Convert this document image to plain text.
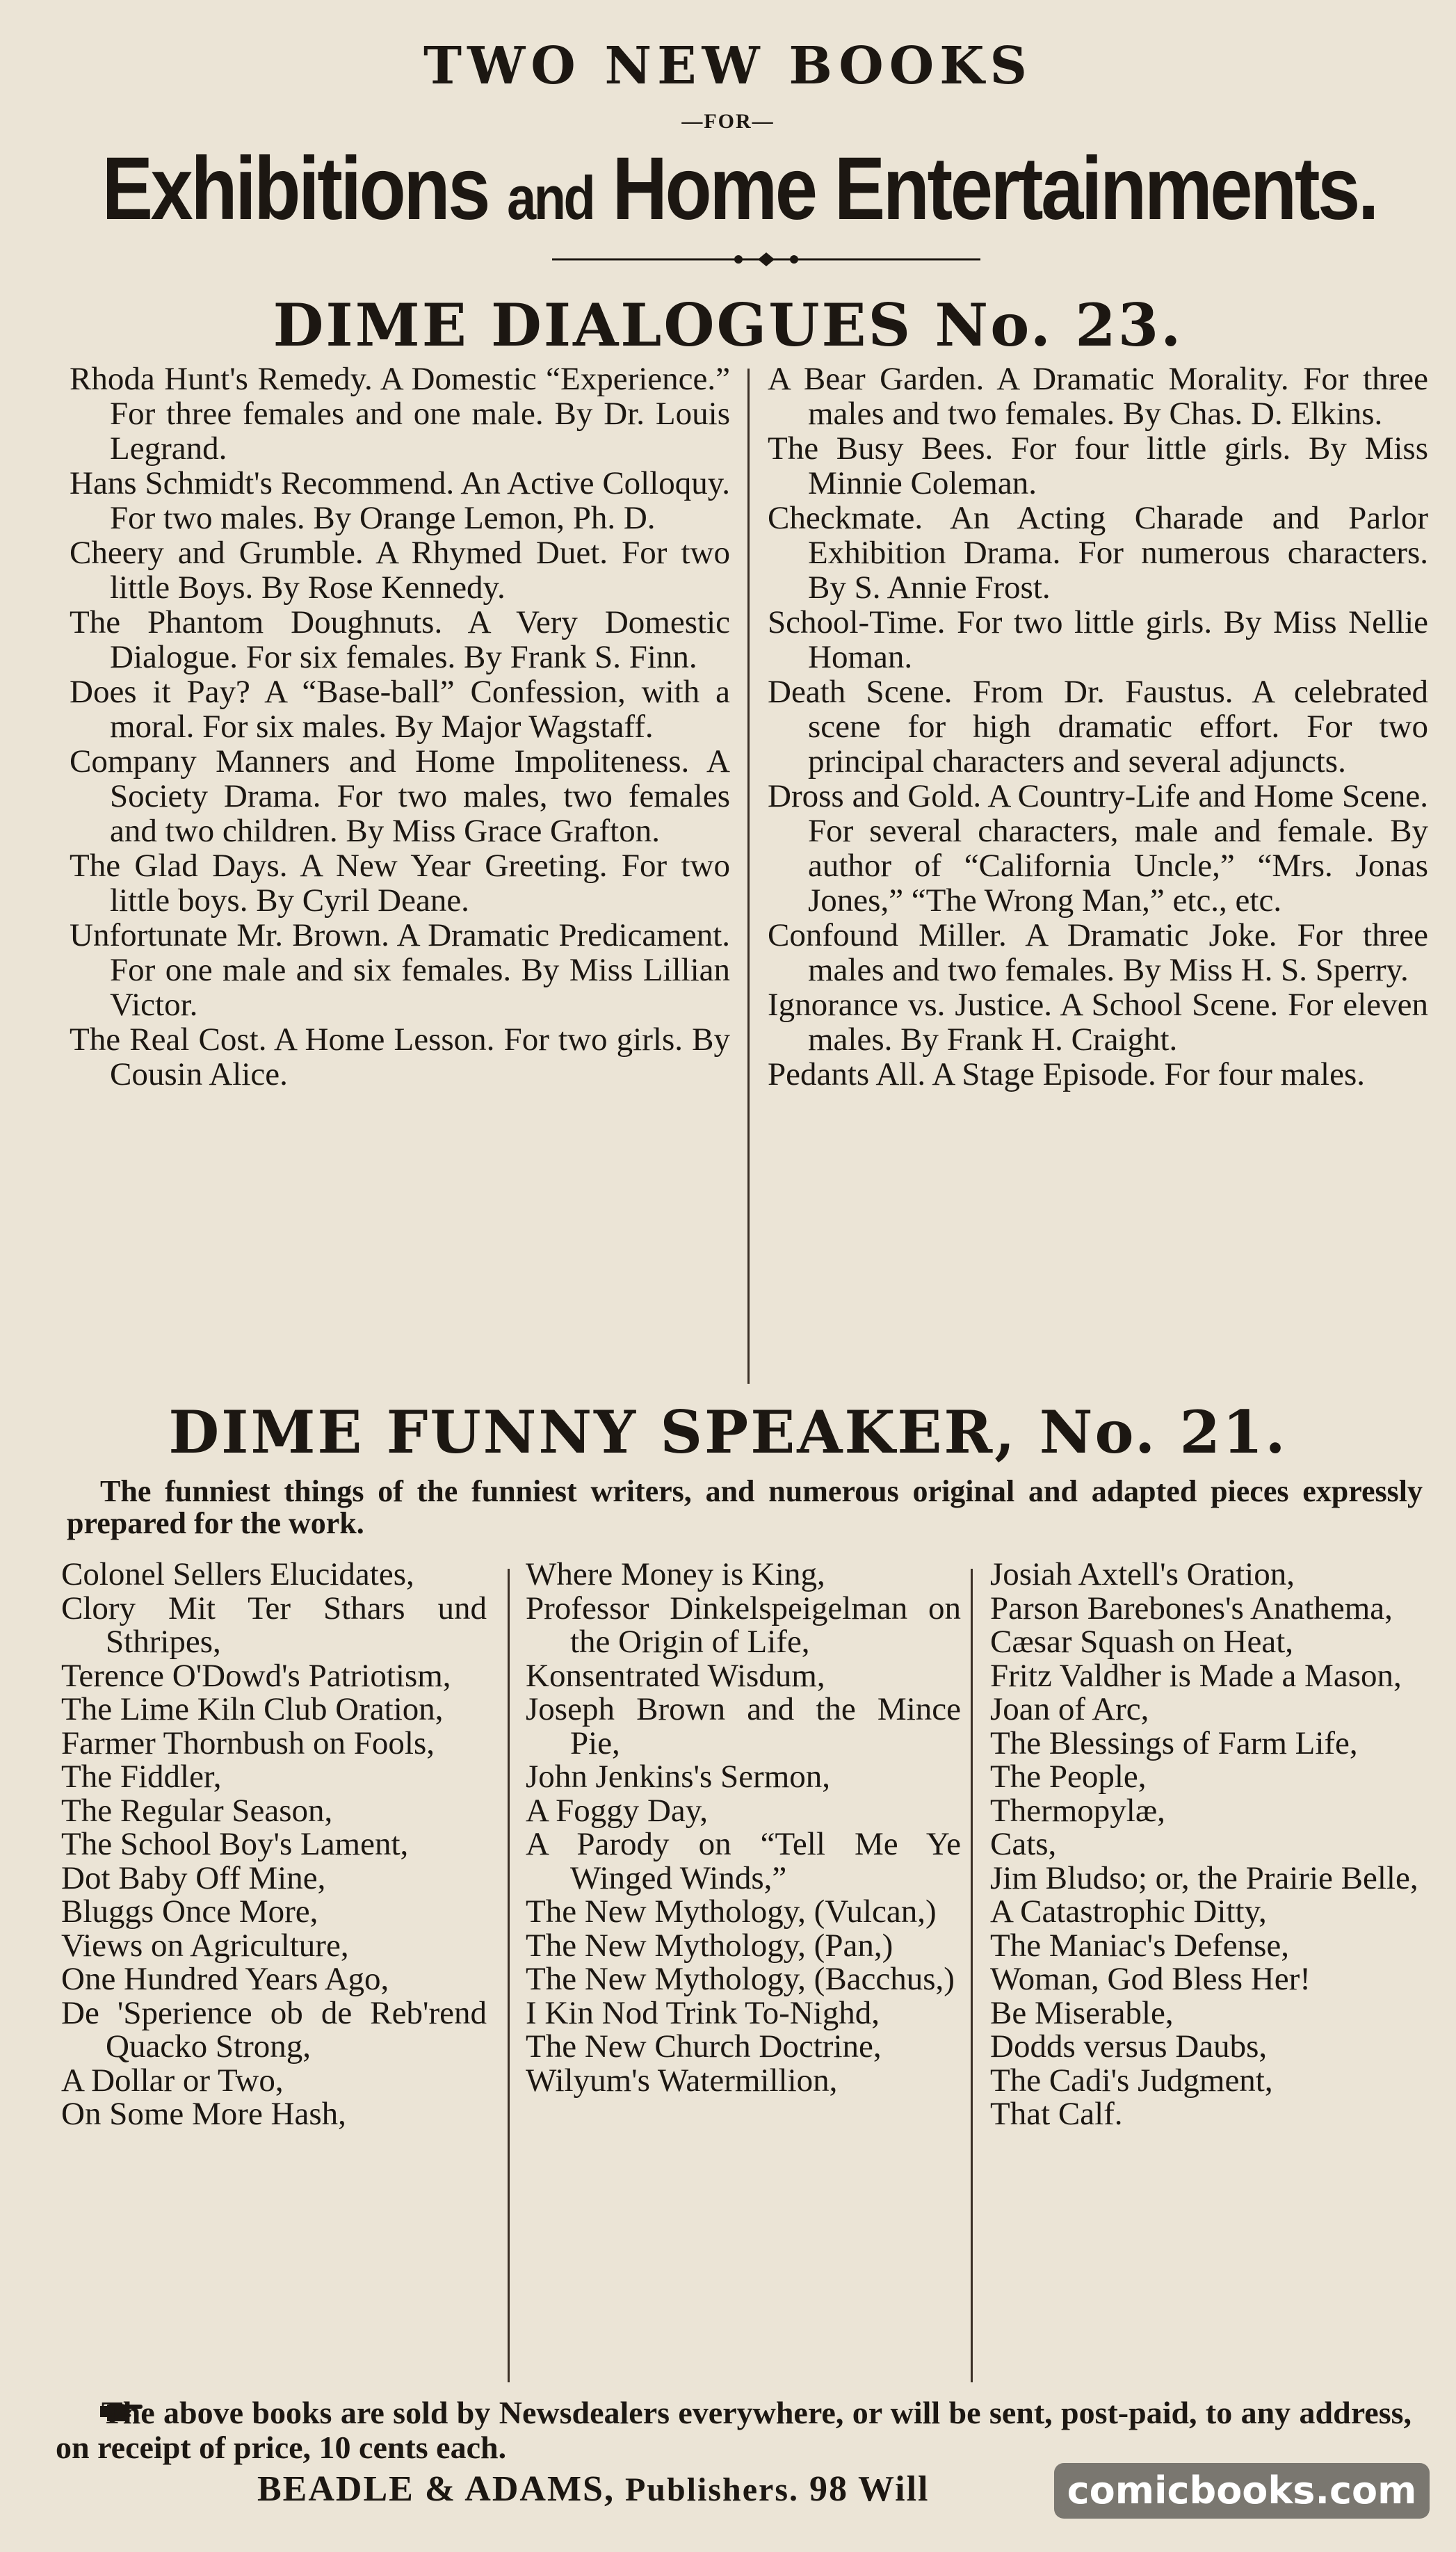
TWO NEW BOOKS
—FOR—
Exhibitions and Home Entertainments.
DIME DIALOGUES No. 23.

Rhoda Hunt's Remedy. A Domestic “Experience.” For three females and one male. By Dr. Louis Legrand.

Hans Schmidt's Recommend. An Active Colloquy. For two males. By Orange Lemon, Ph. D.

Cheery and Grumble. A Rhymed Duet. For two little Boys. By Rose Kennedy.

The Phantom Doughnuts. A Very Domestic Dialogue. For six females. By Frank S. Finn.

Does it Pay? A “Base-ball” Confession, with a moral. For six males. By Major Wagstaff.

Company Manners and Home Impoliteness. A Society Drama. For two males, two females and two children. By Miss Grace Grafton.

The Glad Days. A New Year Greeting. For two little boys. By Cyril Deane.

Unfortunate Mr. Brown. A Dramatic Predicament. For one male and six females. By Miss Lillian Victor.

The Real Cost. A Home Lesson. For two girls. By Cousin Alice.

A Bear Garden. A Dramatic Morality. For three males and two females. By Chas. D. Elkins.

The Busy Bees. For four little girls. By Miss Minnie Coleman.

Checkmate. An Acting Charade and Parlor Exhibition Drama. For numerous characters. By S. Annie Frost.

School-Time. For two little girls. By Miss Nellie Homan.

Death Scene. From Dr. Faustus. A celebrated scene for high dramatic effort. For two principal characters and several adjuncts.

Dross and Gold. A Country-Life and Home Scene. For several characters, male and female. By author of “California Uncle,” “Mrs. Jonas Jones,” “The Wrong Man,” etc., etc.

Confound Miller. A Dramatic Joke. For three males and two females. By Miss H. S. Sperry.

Ignorance vs. Justice. A School Scene. For eleven males. By Frank H. Craight.

Pedants All. A Stage Episode. For four males.

DIME FUNNY SPEAKER, No. 21.
The funniest things of the funniest writers, and numerous original and adapted pieces expressly prepared for the work.

Colonel Sellers Elucidates,

Clory Mit Ter Sthars und Sthripes,

Terence O'Dowd's Patriotism,

The Lime Kiln Club Oration,

Farmer Thornbush on Fools,

The Fiddler,

The Regular Season,

The School Boy's Lament,

Dot Baby Off Mine,

Bluggs Once More,

Views on Agriculture,

One Hundred Years Ago,

De 'Sperience ob de Reb'rend Quacko Strong,

A Dollar or Two,

On Some More Hash,

Where Money is King,

Professor Dinkelspeigelman on the Origin of Life,

Konsentrated Wisdum,

Joseph Brown and the Mince Pie,

John Jenkins's Sermon,

A Foggy Day,

A Parody on “Tell Me Ye Winged Winds,”

The New Mythology, (Vulcan,)

The New Mythology, (Pan,)

The New Mythology, (Bacchus,)

I Kin Nod Trink To-Nighd,

The New Church Doctrine,

Wilyum's Watermillion,

Josiah Axtell's Oration,

Parson Barebones's Anathema,

Cæsar Squash on Heat,

Fritz Valdher is Made a Mason,

Joan of Arc,

The Blessings of Farm Life,

The People,

Thermopylæ,

Cats,

Jim Bludso; or, the Prairie Belle,

A Catastrophic Ditty,

The Maniac's Defense,

Woman, God Bless Her!

Be Miserable,

Dodds versus Daubs,

The Cadi's Judgment,

That Calf.

The above books are sold by Newsdealers everywhere, or will be sent, post-paid, to any address, on receipt of price, 10 cents each.
BEADLE & ADAMS, Publishers. 98 Will	comicbooks.com
